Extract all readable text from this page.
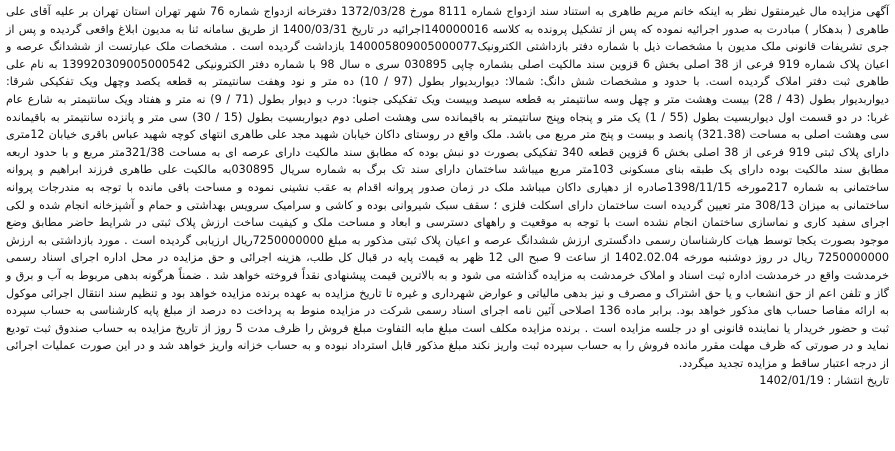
آگهی مزایده مال غیرمنقول نظر به اینکه خانم مریم طاهری به استناد سند ازدواج شماره 8111 مورخ 1372/03/28 دفترخانه ازدواج شماره 76 شهر تهران استان تهران بر علیه آقای علی طاهری ( بدهکار ) مبادرت به صدور اجرائیه نموده که پس از تشکیل پرونده به کلاسه 140000016اجرائیه در تاریخ 1400/03/31 از طریق سامانه ثنا به مدیون ابلاغ واقعی گردیده و پس از جری تشریفات قانونی ملک مدیون با مشخصات ذیل با شماره دفتر بازداشتی الکترونیک140005809005000077 بازداشت گردیده است . مشخصات ملک عبارتست از ششدانگ عرصه و اعیان پلاک شماره 919 فرعی از 38 اصلی بخش 6 قزوین سند مالکیت اصلی بشماره چاپی 030895 سری ه سال 98 با شماره دفتر الکترونیکی 139920309005000542 به نام علی طاهری ثبت دفتر املاک گردیده است. با حدود و مشخصات شش دانگ: شمالا: دیواربدیوار بطول (97 / 10) ده متر و نود وهفت سانتیمتر به قطعه یکصد وچهل ویک تفکیکی شرقا: دیواربدیوار بطول (43 / 28) بیست وهشت متر و چهل وسه سانتیمتر به قطعه سیصد وبیست ویک تفکیکی جنوبا: درب و دیوار بطول (71 / 9) نه متر و هفتاد ویک سانتیمتر به شارع عام غربا: در دو قسمت اول دیواربسیت بطول (55 / 1) یک متر و پنجاه وپنج سانتیمتر به باقیمانده سی وهشت اصلی دوم دیواربسیت بطول (15 / 30) سی متر و پانزده سانتیمتر به باقیمانده سی وهشت اصلی به مساحت (321.38) پانصد و بیست و پنج متر مربع می باشد. ملک واقع در روستای داکان خیابان شهید مجد علی طاهری انتهای کوچه شهید عباس باقری خیابان 12متری دارای پلاک ثبتی 919 فرعی از 38 اصلی بخش 6 قزوین قطعه 340 تفکیکی بصورت دو نبش بوده که مطابق سند مالکیت دارای عرصه ای به مساحت 321/38متر مربع و با حدود اربعه مطابق سند مالکیت بوده دارای یک طبقه بنای مسکونی 103متر مربع میباشد ساختمان دارای سند تک برگ به شماره سریال 030895به مالکیت علی طاهری فرزند ابراهیم و پروانه ساختمانی به شماره 217مورخه 1398/11/15صادره از دهیاری داکان میباشد ملک در زمان صدور پروانه اقدام به عقب نشینی نموده و مساحت باقی مانده با توجه به مندرجات پروانه ساختمانی به میزان 308/13 متر تعیین گردیده است ساختمان دارای اسکلت فلزی ؛ سقف سبک شیروانی بوده و کاشی و سرامیک سرویس بهداشتی و حمام و آشپزخانه انجام شده و لکی اجرای سفید کاری و نماسازی ساختمان انجام نشده است با توجه به موقعیت و راههای دسترسی و ابعاد و مساحت ملک و کیفیت ساخت ارزش پلاک ثبتی در شرایط حاضر مطابق وضع موجود بصورت یکجا توسط هیات کارشناسان رسمی دادگستری ارزش ششدانگ عرصه و اعیان پلاک ثبتی مذکور به مبلغ 7250000000ریال ارزیابی گردیده است . مورد بازداشتی به ارزش 7250000000 ریال در روز دوشنبه مورخه 1402.02.04 از ساعت 9 صبح الی 12 ظهر به قیمت پایه در قبال کل طلب، هزینه اجرائی و حق مزایده در محل اداره اجرای اسناد رسمی خرمدشت واقع در خرمدشت اداره ثبت اسناد و املاک خرمدشت به مزایده گذاشته می شود و به بالاترین قیمت پیشنهادی نقداً فروخته خواهد شد . ضمناً هرگونه بدهی مربوط به آب و برق و گاز و تلفن اعم از حق انشعاب و یا حق اشتراک و مصرف و نیز بدهی مالیاتی و عوارض شهرداری و غیره تا تاریخ مزایده به عهده برنده مزایده خواهد بود و تنظیم سند انتقال اجرائی موکول به ارائه مفاصا حساب های مذکور خواهد بود. برابر ماده 136 اصلاحی آئین نامه اجرای اسناد رسمی شرکت در مزایده منوط به پرداخت ده درصد از مبلغ پایه کارشناسی به حساب سپرده ثبت و حضور خریدار یا نماینده قانونی او در جلسه مزایده است . برنده مزایده مکلف است مبلغ مابه التفاوت مبلغ فروش را ظرف مدت 5 روز از تاریخ مزایده به حساب صندوق ثبت تودیع نماید و در صورتی که ظرف مهلت مقرر مانده فروش را به حساب سپرده ثبت واریز نکند مبلغ مذکور قابل استرداد نبوده و به حساب خزانه واریز خواهد شد و در این صورت عملیات اجرائی از درجه اعتبار ساقط و مزایده تجدید میگردد.

تاریخ انتشار : 1402/01/19
